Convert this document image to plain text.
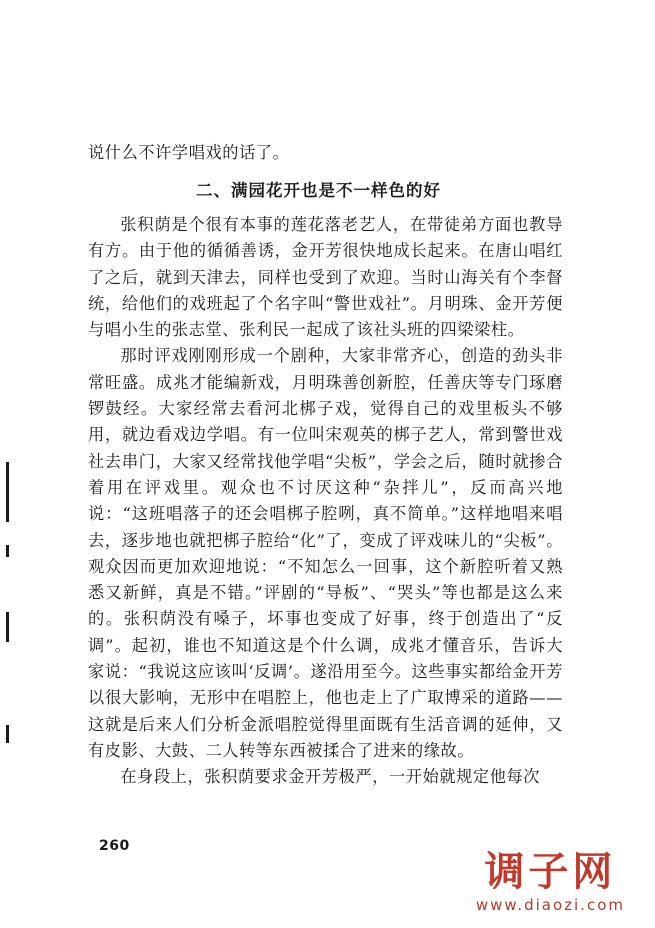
说什么不许学唱戏的话了。
二、满园花开也是不一样色的好

张积荫是个很有本事的莲花落老艺人，在带徒弟方面也教导有方。由于他的循循善诱，金开芳很快地成长起来。在唐山唱红了之后，就到天津去，同样也受到了欢迎。当时山海关有个李督统，给他们的戏班起了个名字叫“警世戏社”。月明珠、金开芳便与唱小生的张志堂、张利民一起成了该社头班的四梁梁柱。

那时评戏刚刚形成一个剧种，大家非常齐心，创造的劲头非常旺盛。成兆才能编新戏，月明珠善创新腔，任善庆等专门琢磨锣鼓经。大家经常去看河北梆子戏，觉得自己的戏里板头不够用，就边看戏边学唱。有一位叫宋观英的梆子艺人，常到警世戏社去串门，大家又经常找他学唱“尖板”，学会之后，随时就掺合着用在评戏里。观众也不讨厌这种“杂拌儿”，反而高兴地说：“这班唱落子的还会唱梆子腔咧，真不简单。”这样地唱来唱去，逐步地也就把梆子腔给“化”了，变成了评戏味儿的“尖板”。观众因而更加欢迎地说：“不知怎么一回事，这个新腔听着又熟悉又新鲜，真是不错。”评剧的“导板”、“哭头”等也都是这么来的。张积荫没有嗓子，坏事也变成了好事，终于创造出了“反调”。起初，谁也不知道这是个什么调，成兆才懂音乐，告诉大家说：“我说这应该叫‘反调’。遂沿用至今。这些事实都给金开芳以很大影响，无形中在唱腔上，他也走上了广取博采的道路——这就是后来人们分析金派唱腔觉得里面既有生活音调的延伸，又有皮影、大鼓、二人转等东西被揉合了进来的缘故。

在身段上，张积荫要求金开芳极严，一开始就规定他每次

260
调子网
www.diaozi.com
